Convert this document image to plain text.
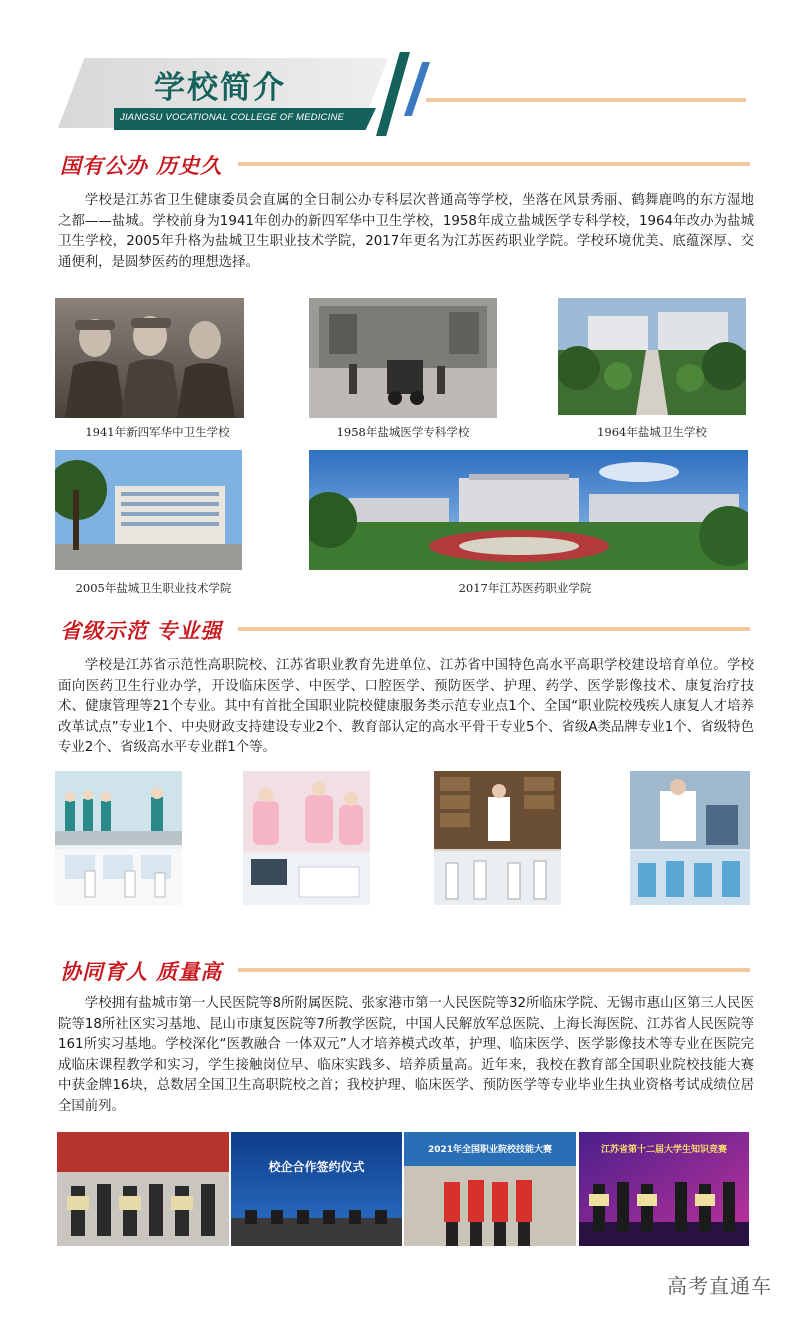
学校简介
JIANGSU VOCATIONAL COLLEGE OF MEDICINE
国有公办 历史久
学校是江苏省卫生健康委员会直属的全日制公办专科层次普通高等学校，坐落在风景秀丽、鹤舞鹿鸣的东方湿地之都——盐城。学校前身为1941年创办的新四军华中卫生学校，1958年成立盐城医学专科学校，1964年改办为盐城卫生学校，2005年升格为盐城卫生职业技术学院，2017年更名为江苏医药职业学院。学校环境优美、底蕴深厚、交通便利，是圆梦医药的理想选择。
1941年新四军华中卫生学校	1958年盐城医学专科学校	1964年盐城卫生学校
2005年盐城卫生职业技术学院	2017年江苏医药职业学院
省级示范 专业强
学校是江苏省示范性高职院校、江苏省职业教育先进单位、江苏省中国特色高水平高职学校建设培育单位。学校面向医药卫生行业办学，开设临床医学、中医学、口腔医学、预防医学、护理、药学、医学影像技术、康复治疗技术、健康管理等21个专业。其中有首批全国职业院校健康服务类示范专业点1个、全国“职业院校残疾人康复人才培养改革试点”专业1个、中央财政支持建设专业2个、教育部认定的高水平骨干专业5个、省级A类品牌专业1个、省级特色专业2个、省级高水平专业群1个等。
协同育人 质量高
学校拥有盐城市第一人民医院等8所附属医院、张家港市第一人民医院等32所临床学院、无锡市惠山区第三人民医院等18所社区实习基地、昆山市康复医院等7所教学医院，中国人民解放军总医院、上海长海医院、江苏省人民医院等161所实习基地。学校深化“医教融合 一体双元”人才培养模式改革，护理、临床医学、医学影像技术等专业在医院完成临床课程教学和实习，学生接触岗位早、临床实践多、培养质量高。近年来，我校在教育部全国职业院校技能大赛中获金牌16块，总数居全国卫生高职院校之首；我校护理、临床医学、预防医学等专业毕业生执业资格考试成绩位居全国前列。
校企合作签约仪式
2021年全国职业院校技能大赛	江苏省第十二届大学生知识竞赛
高考直通车
